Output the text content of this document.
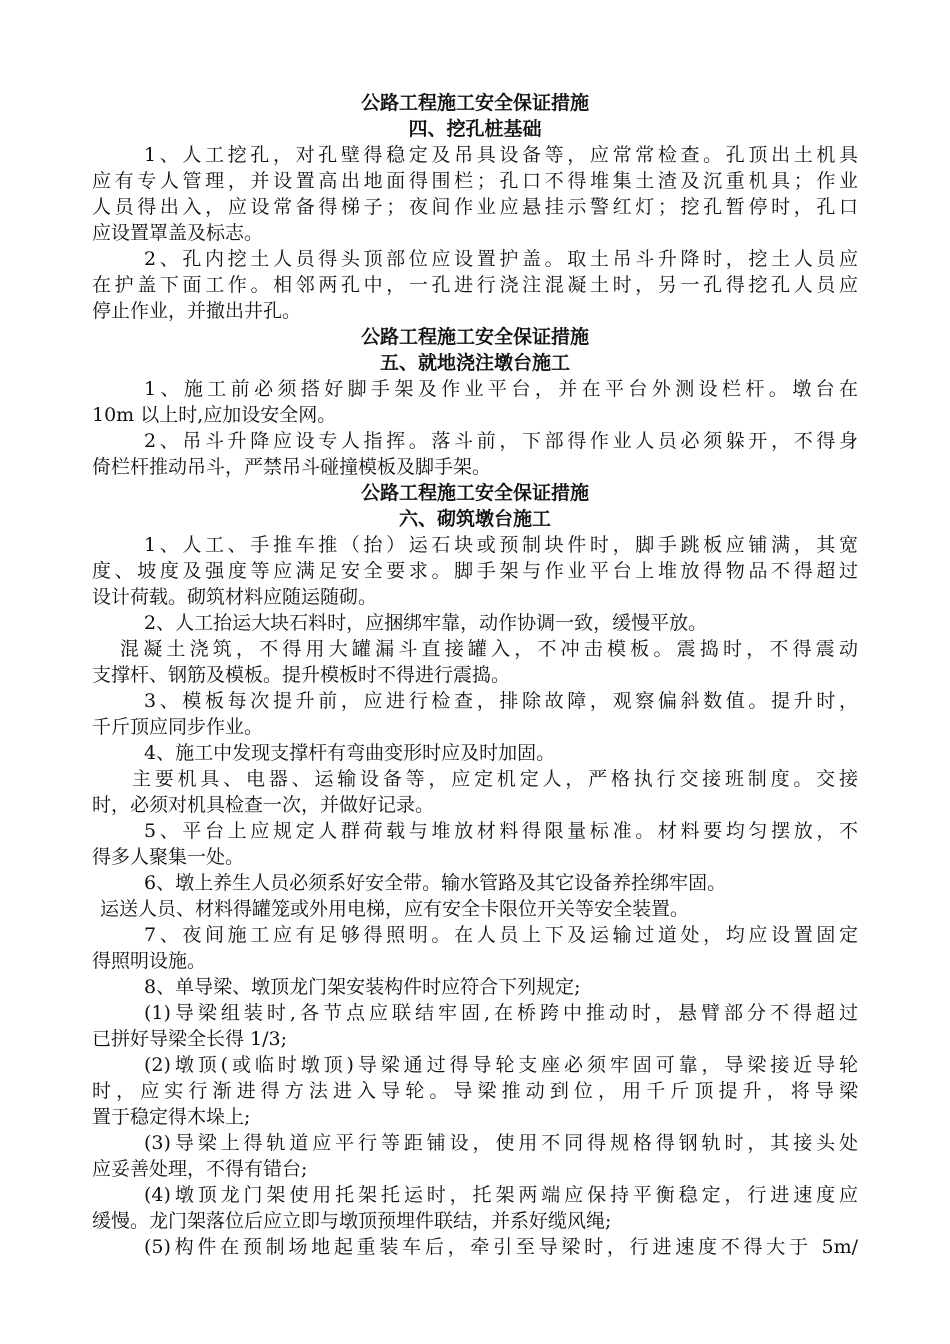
公路工程施工安全保证措施
四、挖孔桩基础
1、人工挖孔，对孔壁得稳定及吊具设备等，应常常检查。孔顶出土机具
应有专人管理，并设置高出地面得围栏；孔口不得堆集土渣及沉重机具；作业
人员得出入，应设常备得梯子；夜间作业应悬挂示警红灯；挖孔暂停时，孔口
应设置罩盖及标志。
2、孔内挖土人员得头顶部位应设置护盖。取土吊斗升降时，挖土人员应
在护盖下面工作。相邻两孔中，一孔进行浇注混凝土时，另一孔得挖孔人员应
停止作业，并撤出井孔。
公路工程施工安全保证措施
五、就地浇注墩台施工
1、施工前必须搭好脚手架及作业平台，并在平台外测设栏杆。墩台在
10m 以上时,应加设安全网。
2、吊斗升降应设专人指挥。落斗前，下部得作业人员必须躲开，不得身
倚栏杆推动吊斗，严禁吊斗碰撞模板及脚手架。
公路工程施工安全保证措施
六、砌筑墩台施工
1、人工、手推车推（抬）运石块或预制块件时，脚手跳板应铺满，其宽
度、坡度及强度等应满足安全要求。脚手架与作业平台上堆放得物品不得超过
设计荷载。砌筑材料应随运随砌。
2、人工抬运大块石料时，应捆绑牢靠，动作协调一致，缓慢平放。
混凝土浇筑，不得用大罐漏斗直接罐入，不冲击模板。震捣时，不得震动
支撑杆、钢筋及模板。提升模板时不得进行震捣。
3、模板每次提升前，应进行检查，排除故障，观察偏斜数值。提升时，
千斤顶应同步作业。
4、施工中发现支撑杆有弯曲变形时应及时加固。
主要机具、电器、运输设备等，应定机定人，严格执行交接班制度。交接
时，必须对机具检查一次，并做好记录。
5、平台上应规定人群荷载与堆放材料得限量标准。材料要均匀摆放，不
得多人聚集一处。
6、墩上养生人员必须系好安全带。输水管路及其它设备养拴绑牢固。
运送人员、材料得罐笼或外用电梯，应有安全卡限位开关等安全装置。
7、夜间施工应有足够得照明。在人员上下及运输过道处，均应设置固定
得照明设施。
8、单导梁、墩顶龙门架安装构件时应符合下列规定;
(1)导梁组装时,各节点应联结牢固,在桥跨中推动时，悬臂部分不得超过
已拼好导梁全长得 1/3;
(2)墩顶(或临时墩顶)导梁通过得导轮支座必须牢固可靠，导梁接近导轮
时，应实行渐进得方法进入导轮。导梁推动到位，用千斤顶提升，将导梁
置于稳定得木垛上;
(3)导梁上得轨道应平行等距铺设，使用不同得规格得钢轨时，其接头处
应妥善处理，不得有错台;
(4)墩顶龙门架使用托架托运时，托架两端应保持平衡稳定，行进速度应
缓慢。龙门架落位后应立即与墩顶预埋件联结，并系好缆风绳;
(5)构件在预制场地起重装车后，牵引至导梁时，行进速度不得大于 5m/
